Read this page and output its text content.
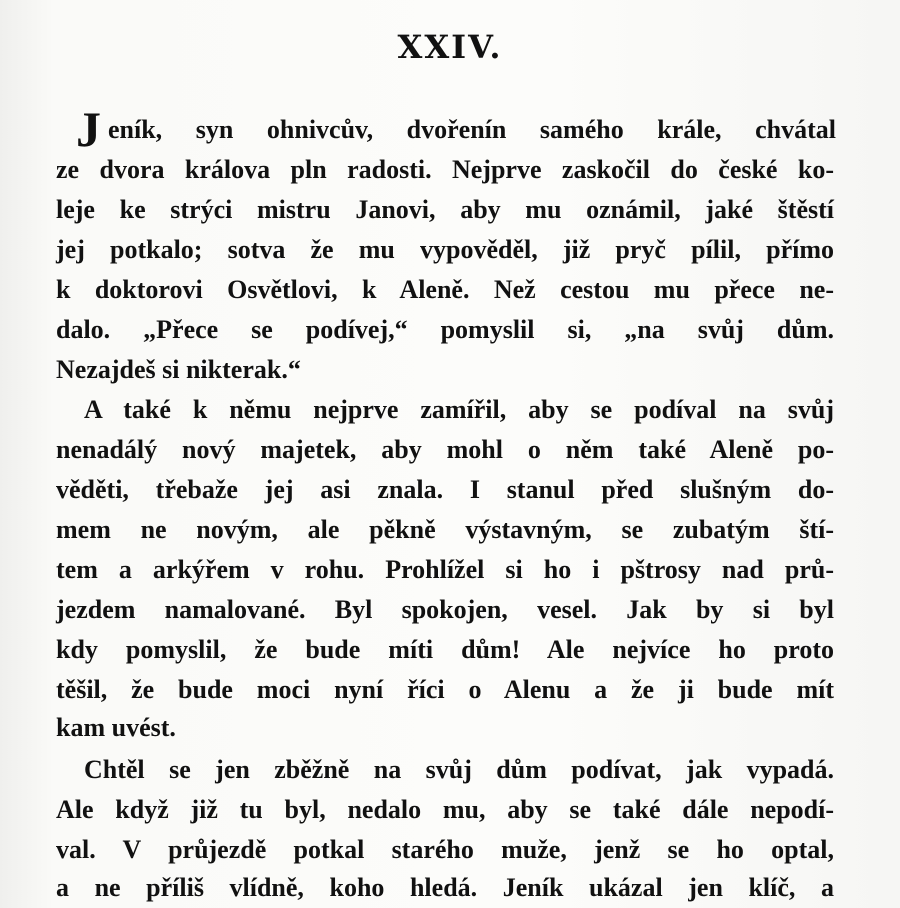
XXIV.
J eník, syn ohnivcův, dvořenín samého krále, chvátal
ze dvora králova pln radosti. Nejprve zaskočil do české ko-
leje ke strýci mistru Janovi, aby mu oznámil, jaké štěstí
jej potkalo; sotva že mu vypověděl, již pryč pílil, přímo
k doktorovi Osvětlovi, k Aleně. Než cestou mu přece ne-
dalo. „Přece se podívej,“ pomyslil si, „na svůj dům.
Nezajdeš si nikterak.“
A také k němu nejprve zamířil, aby se podíval na svůj
nenadálý nový majetek, aby mohl o něm také Aleně po-
věděti, třebaže jej asi znala. I stanul před slušným do-
mem ne novým, ale pěkně výstavným, se zubatým ští-
tem a arkýřem v rohu. Prohlížel si ho i pštrosy nad prů-
jezdem namalované. Byl spokojen, vesel. Jak by si byl
kdy pomyslil, že bude míti dům! Ale nejvíce ho proto
těšil, že bude moci nyní říci o Alenu a že ji bude mít
kam uvést.
Chtěl se jen zběžně na svůj dům podívat, jak vypadá.
Ale když již tu byl, nedalo mu, aby se také dále nepodí-
val. V průjezdě potkal starého muže, jenž se ho optal,
a ne příliš vlídně, koho hledá. Jeník ukázal jen klíč, a
